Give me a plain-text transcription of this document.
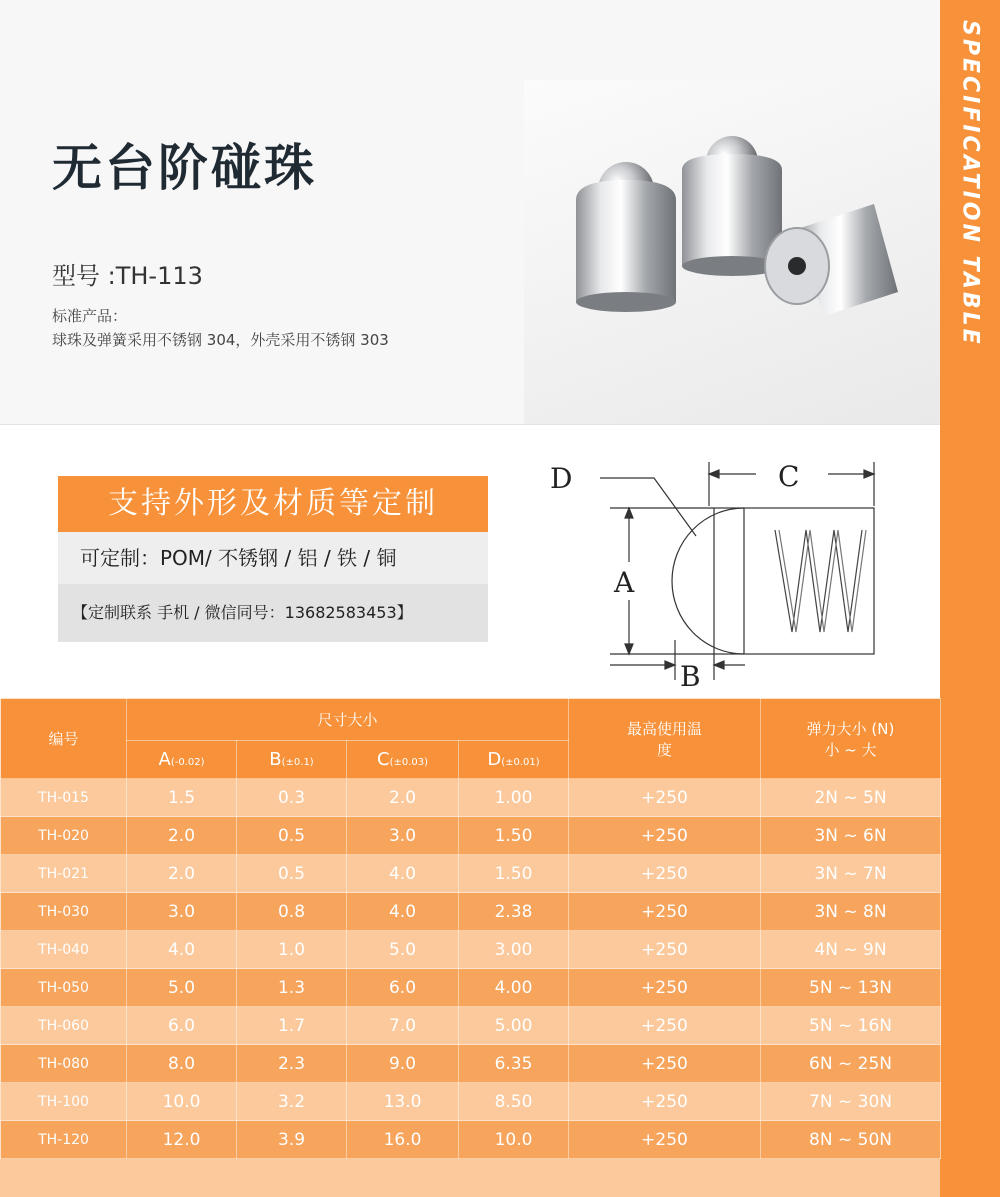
无台阶碰珠
型号 :TH-113
标准产品：
球珠及弹簧采用不锈钢 304，外壳采用不锈钢 303	SPECIFICATION TABLE
支持外形及材质等定制
可定制：POM/ 不锈钢 / 铝 / 铁 / 铜
【定制联系 手机 / 微信同号：13682583453】
D	C
A
B
编号	尺寸大小				最高使用温度	弹力大小 (N)
小 ~ 大

	A(-0.02)	B(±0.1)	C(±0.03)	D(±0.01)		
TH-015	1.5	0.3	2.0	1.00	+250	2N ~ 5N
TH-020	2.0	0.5	3.0	1.50	+250	3N ~ 6N
TH-021	2.0	0.5	4.0	1.50	+250	3N ~ 7N
TH-030	3.0	0.8	4.0	2.38	+250	3N ~ 8N
TH-040	4.0	1.0	5.0	3.00	+250	4N ~ 9N
TH-050	5.0	1.3	6.0	4.00	+250	5N ~ 13N
TH-060	6.0	1.7	7.0	5.00	+250	5N ~ 16N
TH-080	8.0	2.3	9.0	6.35	+250	6N ~ 25N
TH-100	10.0	3.2	13.0	8.50	+250	7N ~ 30N
TH-120	12.0	3.9	16.0	10.0	+250	8N ~ 50N
